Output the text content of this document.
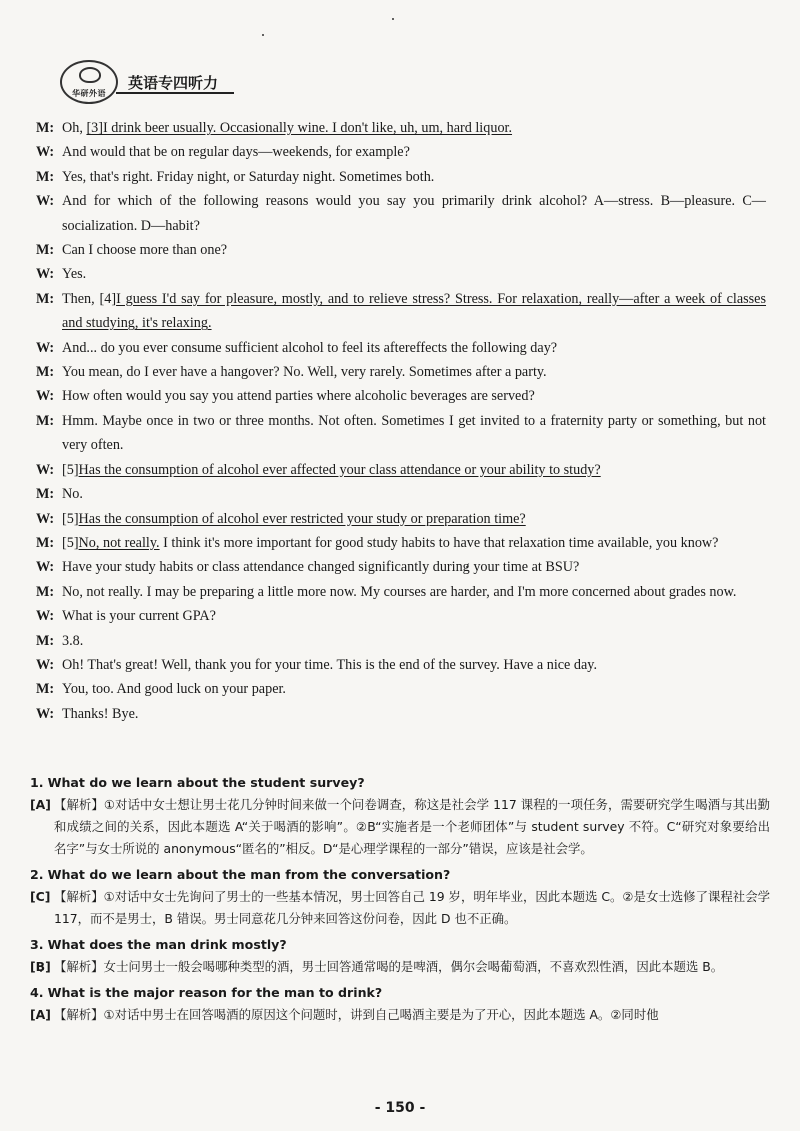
华研外语
英语专四听力
M: Oh, [3]I drink beer usually. Occasionally wine. I don't like, uh, um, hard liquor.
W: And would that be on regular days—weekends, for example?
M: Yes, that's right. Friday night, or Saturday night. Sometimes both.
W: And for which of the following reasons would you say you primarily drink alcohol? A—stress. B—pleasure. C—socialization. D—habit?
M: Can I choose more than one?
W: Yes.
M: Then, [4]I guess I'd say for pleasure, mostly, and to relieve stress? Stress. For relaxation, really—after a week of classes and studying, it's relaxing.
W: And... do you ever consume sufficient alcohol to feel its aftereffects the following day?
M: You mean, do I ever have a hangover? No. Well, very rarely. Sometimes after a party.
W: How often would you say you attend parties where alcoholic beverages are served?
M: Hmm. Maybe once in two or three months. Not often. Sometimes I get invited to a fraternity party or something, but not very often.
W: [5]Has the consumption of alcohol ever affected your class attendance or your ability to study?
M: No.
W: [5]Has the consumption of alcohol ever restricted your study or preparation time?
M: [5]No, not really. I think it's more important for good study habits to have that relaxation time available, you know?
W: Have your study habits or class attendance changed significantly during your time at BSU?
M: No, not really. I may be preparing a little more now. My courses are harder, and I'm more concerned about grades now.
W: What is your current GPA?
M: 3.8.
W: Oh! That's great! Well, thank you for your time. This is the end of the survey. Have a nice day.
M: You, too. And good luck on your paper.
W: Thanks! Bye.
1. What do we learn about the student survey?
[A] 【解析】①对话中女士想让男士花几分钟时间来做一个问卷调查，称这是社会学 117 课程的一项任务，需要研究学生喝酒与其出勤和成绩之间的关系，因此本题选 A“关于喝酒的影响”。②B“实施者是一个老师团体”与 student survey 不符。C“研究对象要给出名字”与女士所说的 anonymous“匿名的”相反。D“是心理学课程的一部分”错误，应该是社会学。
2. What do we learn about the man from the conversation?
[C] 【解析】①对话中女士先询问了男士的一些基本情况，男士回答自己 19 岁，明年毕业，因此本题选 C。②是女士选修了课程社会学 117，而不是男士，B 错误。男士同意花几分钟来回答这份问卷，因此 D 也不正确。
3. What does the man drink mostly?
[B] 【解析】女士问男士一般会喝哪种类型的酒，男士回答通常喝的是啤酒，偶尔会喝葡萄酒，不喜欢烈性酒，因此本题选 B。
4. What is the major reason for the man to drink?
[A] 【解析】①对话中男士在回答喝酒的原因这个问题时，讲到自己喝酒主要是为了开心，因此本题选 A。②同时他
- 150 -
